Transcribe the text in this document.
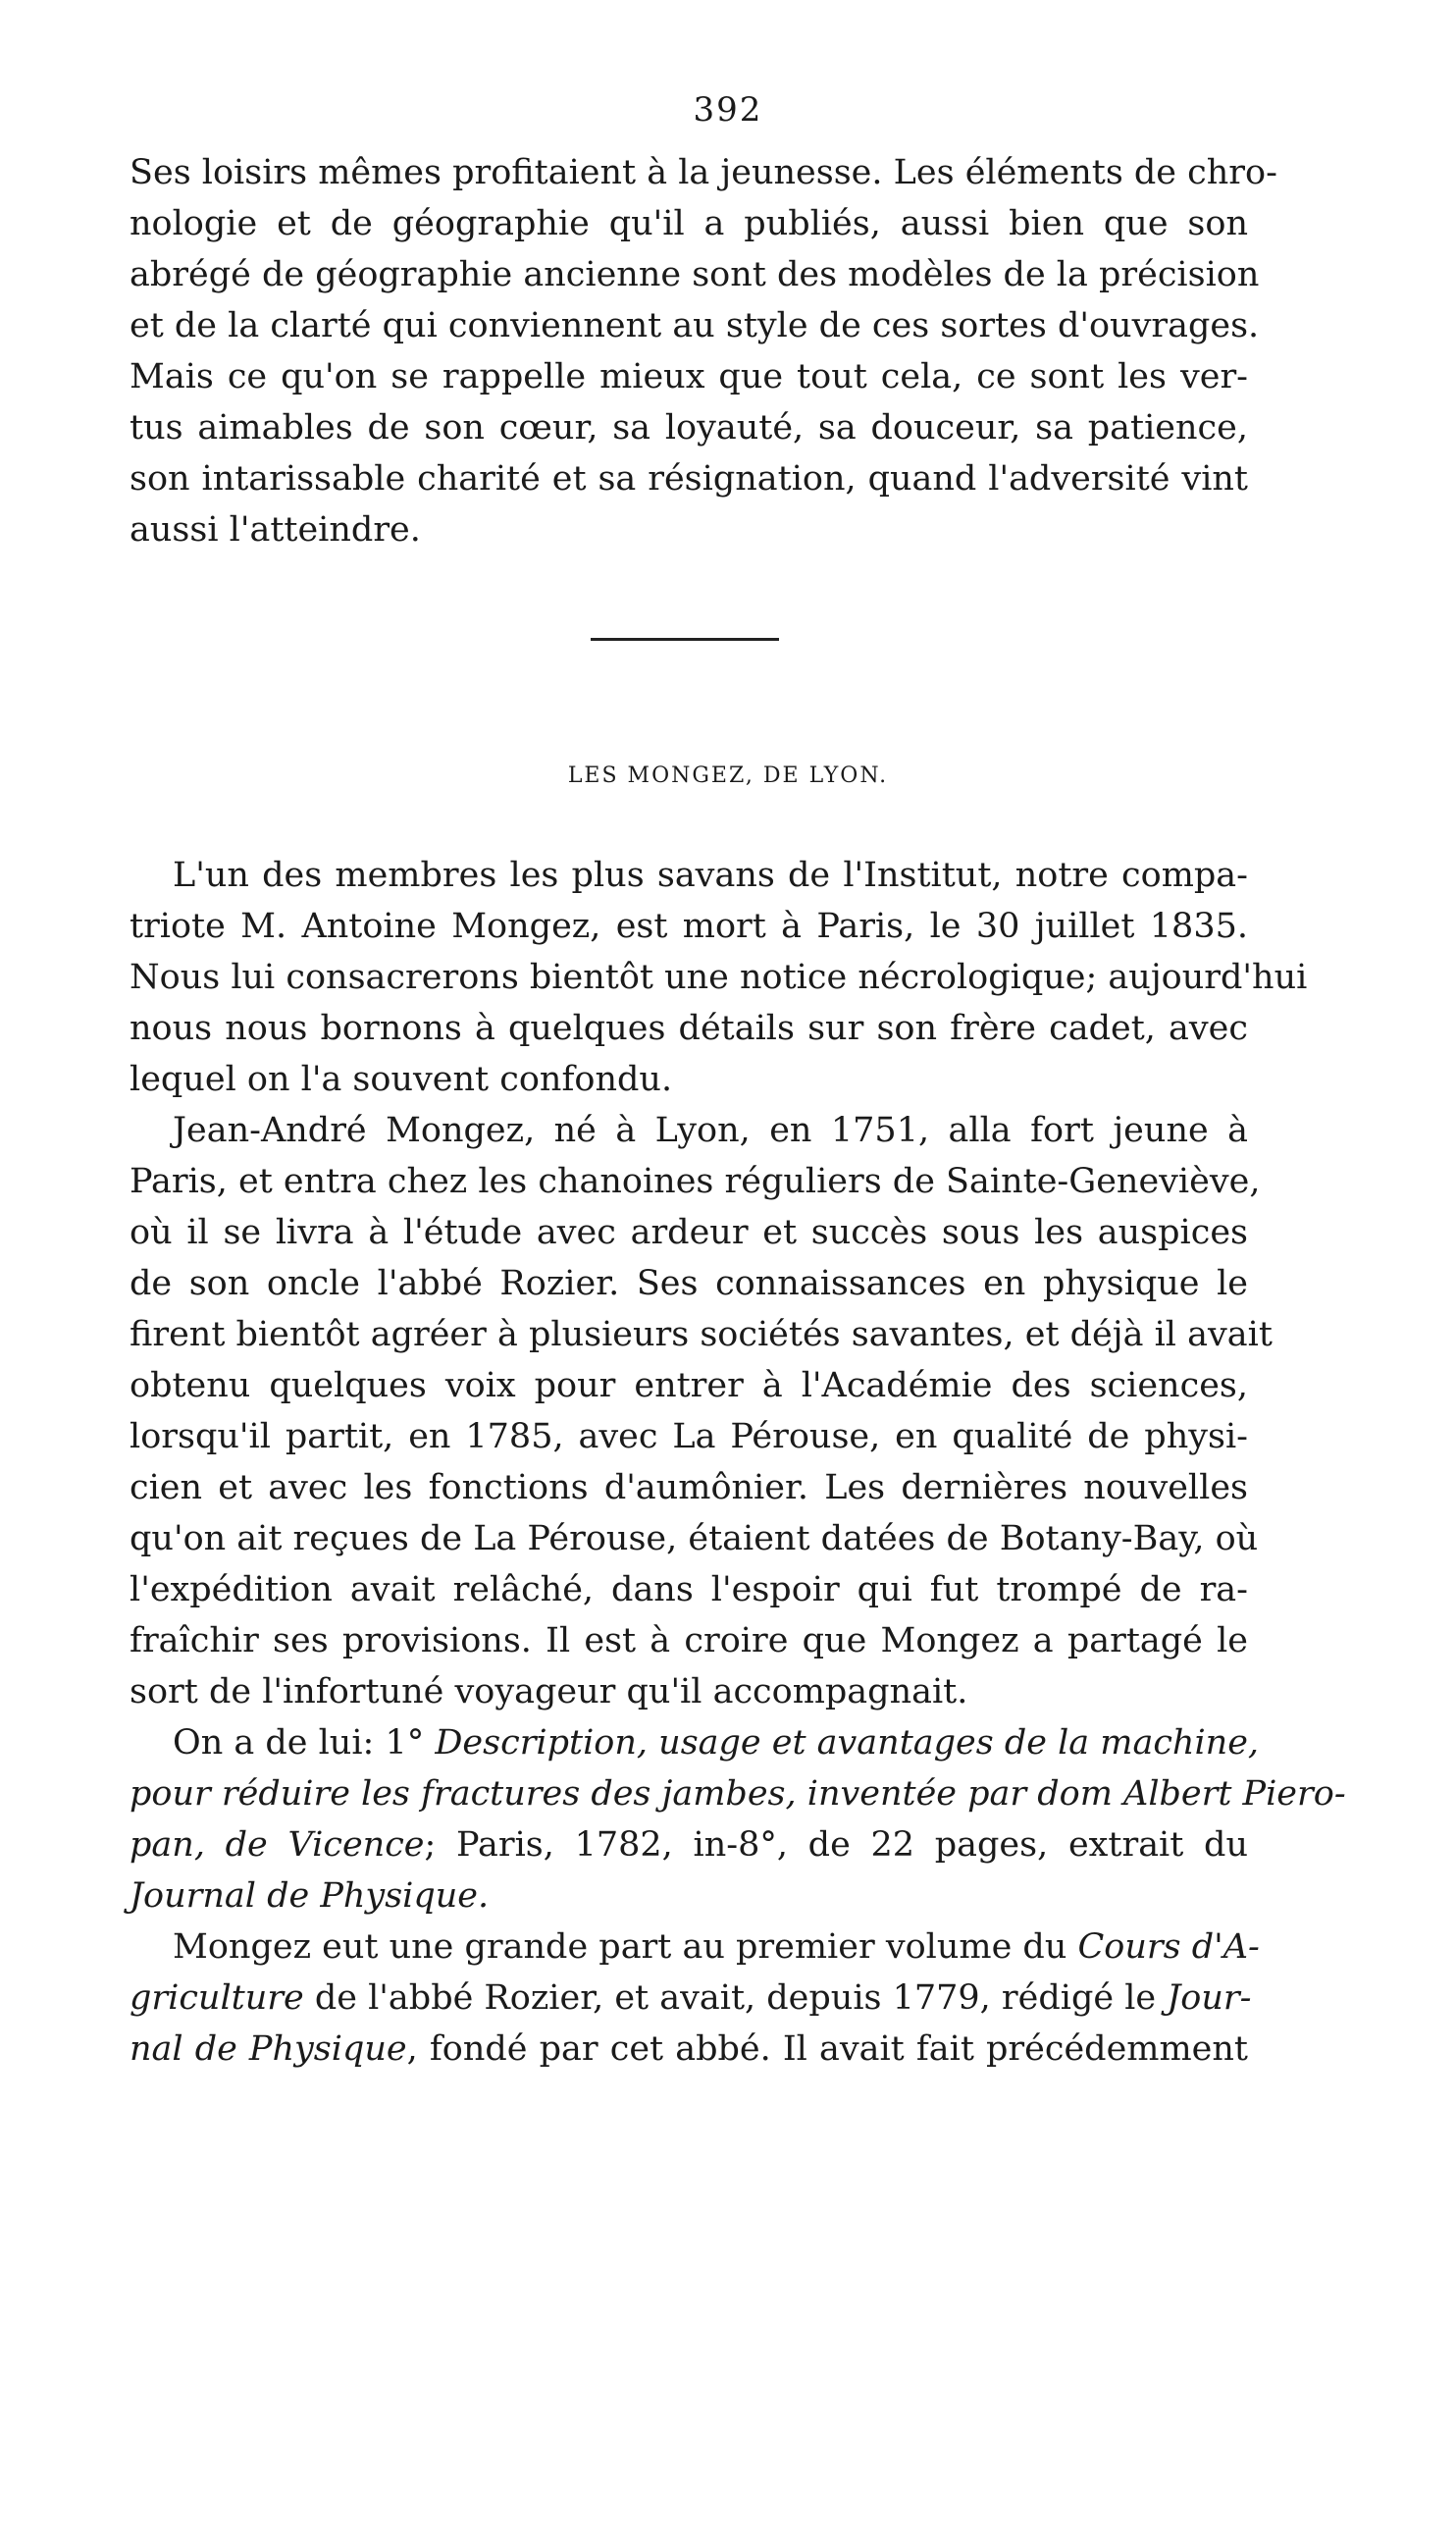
392
Ses loisirs mêmes profitaient à la jeunesse. Les éléments de chro-
nologie et de géographie qu'il a publiés, aussi bien que son
abrégé de géographie ancienne sont des modèles de la précision
et de la clarté qui conviennent au style de ces sortes d'ouvrages.
Mais ce qu'on se rappelle mieux que tout cela, ce sont les ver-
tus aimables de son cœur, sa loyauté, sa douceur, sa patience,
son intarissable charité et sa résignation, quand l'adversité vint
aussi l'atteindre.
LES MONGEZ, DE LYON.
L'un des membres les plus savans de l'Institut, notre compa-
triote M. Antoine Mongez, est mort à Paris, le 30 juillet 1835.
Nous lui consacrerons bientôt une notice nécrologique; aujourd'hui
nous nous bornons à quelques détails sur son frère cadet, avec
lequel on l'a souvent confondu.
Jean-André Mongez, né à Lyon, en 1751, alla fort jeune à
Paris, et entra chez les chanoines réguliers de Sainte-Geneviève,
où il se livra à l'étude avec ardeur et succès sous les auspices
de son oncle l'abbé Rozier. Ses connaissances en physique le
firent bientôt agréer à plusieurs sociétés savantes, et déjà il avait
obtenu quelques voix pour entrer à l'Académie des sciences,
lorsqu'il partit, en 1785, avec La Pérouse, en qualité de physi-
cien et avec les fonctions d'aumônier. Les dernières nouvelles
qu'on ait reçues de La Pérouse, étaient datées de Botany-Bay, où
l'expédition avait relâché, dans l'espoir qui fut trompé de ra-
fraîchir ses provisions. Il est à croire que Mongez a partagé le
sort de l'infortuné voyageur qu'il accompagnait.
On a de lui: 1° Description, usage et avantages de la machine,
pour réduire les fractures des jambes, inventée par dom Albert Piero-
pan, de Vicence; Paris, 1782, in-8°, de 22 pages, extrait du
Journal de Physique.
Mongez eut une grande part au premier volume du Cours d'A-
griculture de l'abbé Rozier, et avait, depuis 1779, rédigé le Jour-
nal de Physique, fondé par cet abbé. Il avait fait précédemment
